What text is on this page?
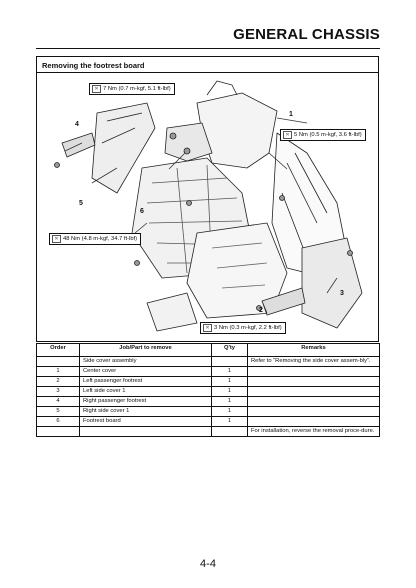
GENERAL CHASSIS
Removing the footrest board
✕ 7 Nm (0.7 m-kgf, 5.1 ft-lbf)
✕ 5 Nm (0.5 m-kgf, 3.6 ft-lbf)
✕ 48 Nm (4.8 m-kgf, 34.7 ft-lbf)
✕ 3 Nm (0.3 m-kgf, 2.2 ft-lbf)
1
2
3
4
5
6
Order	Job/Part to remove	Q'ty	Remarks
	Side cover assembly		Refer to “Removing the side cover assem-bly”.
1	Center cover	1	
2	Left passenger footrest	1	
3	Left side cover 1	1	
4	Right passenger footrest	1	
5	Right side cover 1	1	
6	Footrest board	1	
			For installation, reverse the removal proce-dure.
4-4
